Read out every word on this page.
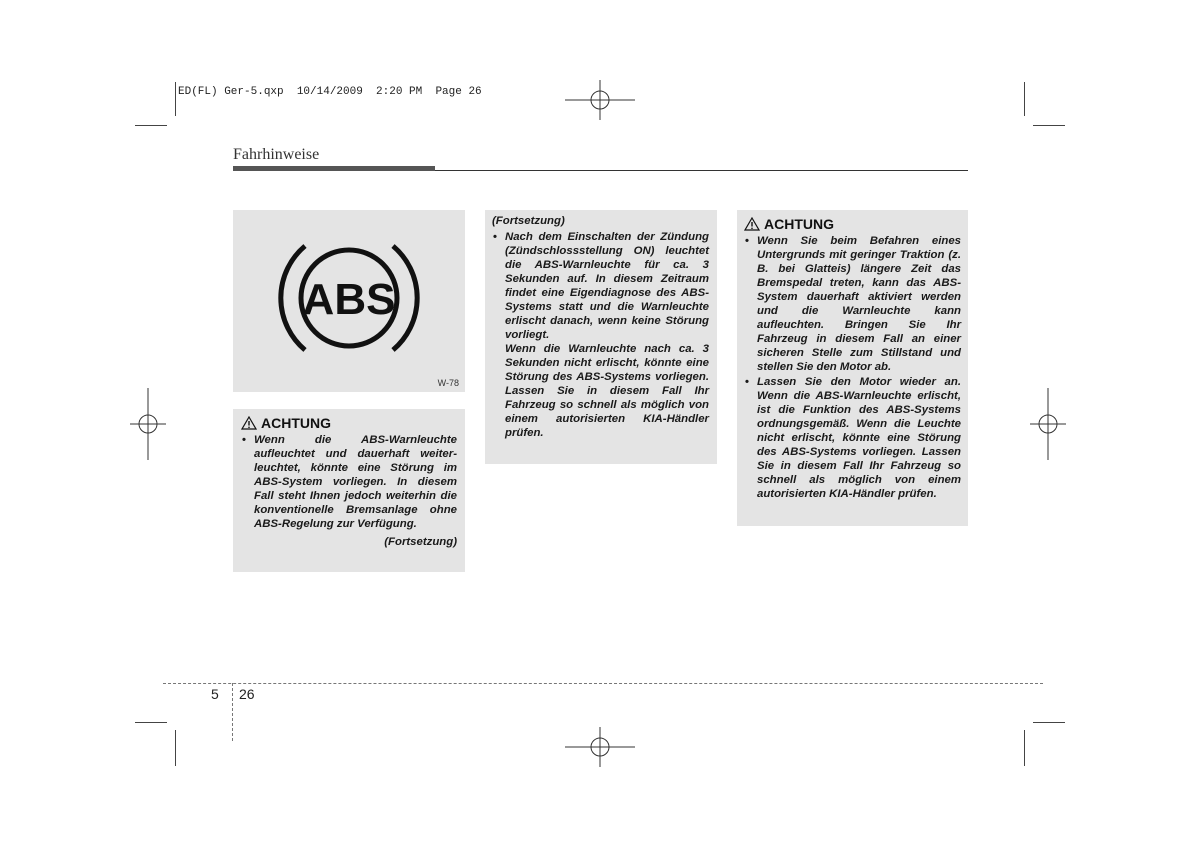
ED(FL) Ger-5.qxp  10/14/2009  2:20 PM  Page 26
Fahrhinweise
ABS
W-78
ACHTUNG
• Wenn die ABS-Warnleuchte aufleuchtet und dauerhaft weiterleuchtet, könnte eine Störung im ABS-System vorliegen. In diesem Fall steht Ihnen jedoch weiterhin die konventionelle Bremsanlage ohne ABS-Regelung zur Verfügung.
(Fortsetzung)
(Fortsetzung)
• Nach dem Einschalten der Zündung (Zündschlossstellung ON) leuchtet die ABS-Warnleuchte für ca. 3 Sekunden auf. In diesem Zeitraum findet eine Eigendiagnose des ABS-Systems statt und die Warnleuchte erlischt danach, wenn keine Störung vorliegt.
Wenn die Warnleuchte nach ca. 3 Sekunden nicht erlischt, könnte eine Störung des ABS-Systems vorliegen. Lassen Sie in diesem Fall Ihr Fahrzeug so schnell als möglich von einem autorisierten KIA-Händler prüfen.
ACHTUNG
• Wenn Sie beim Befahren eines Untergrunds mit geringer Traktion (z. B. bei Glatteis) längere Zeit das Bremspedal treten, kann das ABS-System dauerhaft aktiviert werden und die Warnleuchte kann aufleuchten. Bringen Sie Ihr Fahrzeug in diesem Fall an einer sicheren Stelle zum Stillstand und stellen Sie den Motor ab.
• Lassen Sie den Motor wieder an. Wenn die ABS-Warnleuchte erlischt, ist die Funktion des ABS-Systems ordnungsgemäß. Wenn die Leuchte nicht erlischt, könnte eine Störung des ABS-Systems vorliegen. Lassen Sie in diesem Fall Ihr Fahrzeug so schnell als möglich von einem autorisierten KIA-Händler prüfen.
5 26
